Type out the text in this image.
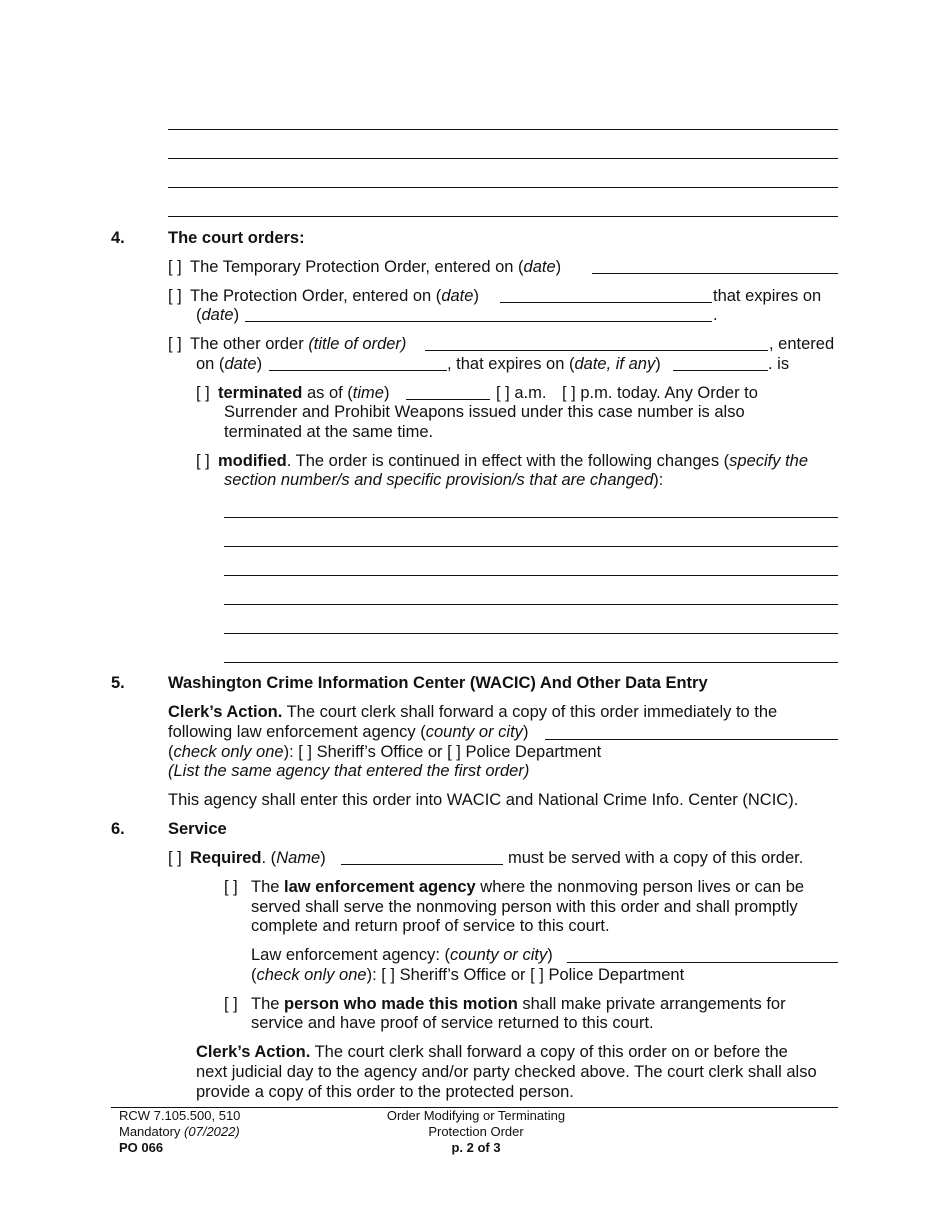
4.	The court orders:
[ ] The Temporary Protection Order, entered on (date)
[ ] The Protection Order, entered on (date)	that expires on
(date)	.
[ ] The other order (title of order)	, entered
on (date)	, that expires on (date, if any)	. is
[ ] terminated as of (time)	[ ] a.m. [ ] p.m. today. Any Order to
Surrender and Prohibit Weapons issued under this case number is also
terminated at the same time.
[ ] modified. The order is continued in effect with the following changes (specify the
section number/s and specific provision/s that are changed):
5.	Washington Crime Information Center (WACIC) And Other Data Entry
Clerk’s Action. The court clerk shall forward a copy of this order immediately to the
following law enforcement agency (county or city)
(check only one): [ ] Sheriff’s Office or [ ] Police Department
(List the same agency that entered the first order)
This agency shall enter this order into WACIC and National Crime Info. Center (NCIC).
6.	Service
[ ] Required. (Name)	must be served with a copy of this order.
[ ] The law enforcement agency where the nonmoving person lives or can be
served shall serve the nonmoving person with this order and shall promptly
complete and return proof of service to this court.
Law enforcement agency: (county or city)
(check only one): [ ] Sheriff’s Office or [ ] Police Department
[ ] The person who made this motion shall make private arrangements for
service and have proof of service returned to this court.
Clerk’s Action. The court clerk shall forward a copy of this order on or before the
next judicial day to the agency and/or party checked above. The court clerk shall also
provide a copy of this order to the protected person.
RCW 7.105.500, 510
Mandatory (07/2022)
PO 066
Order Modifying or Terminating
Protection Order
p. 2 of 3
